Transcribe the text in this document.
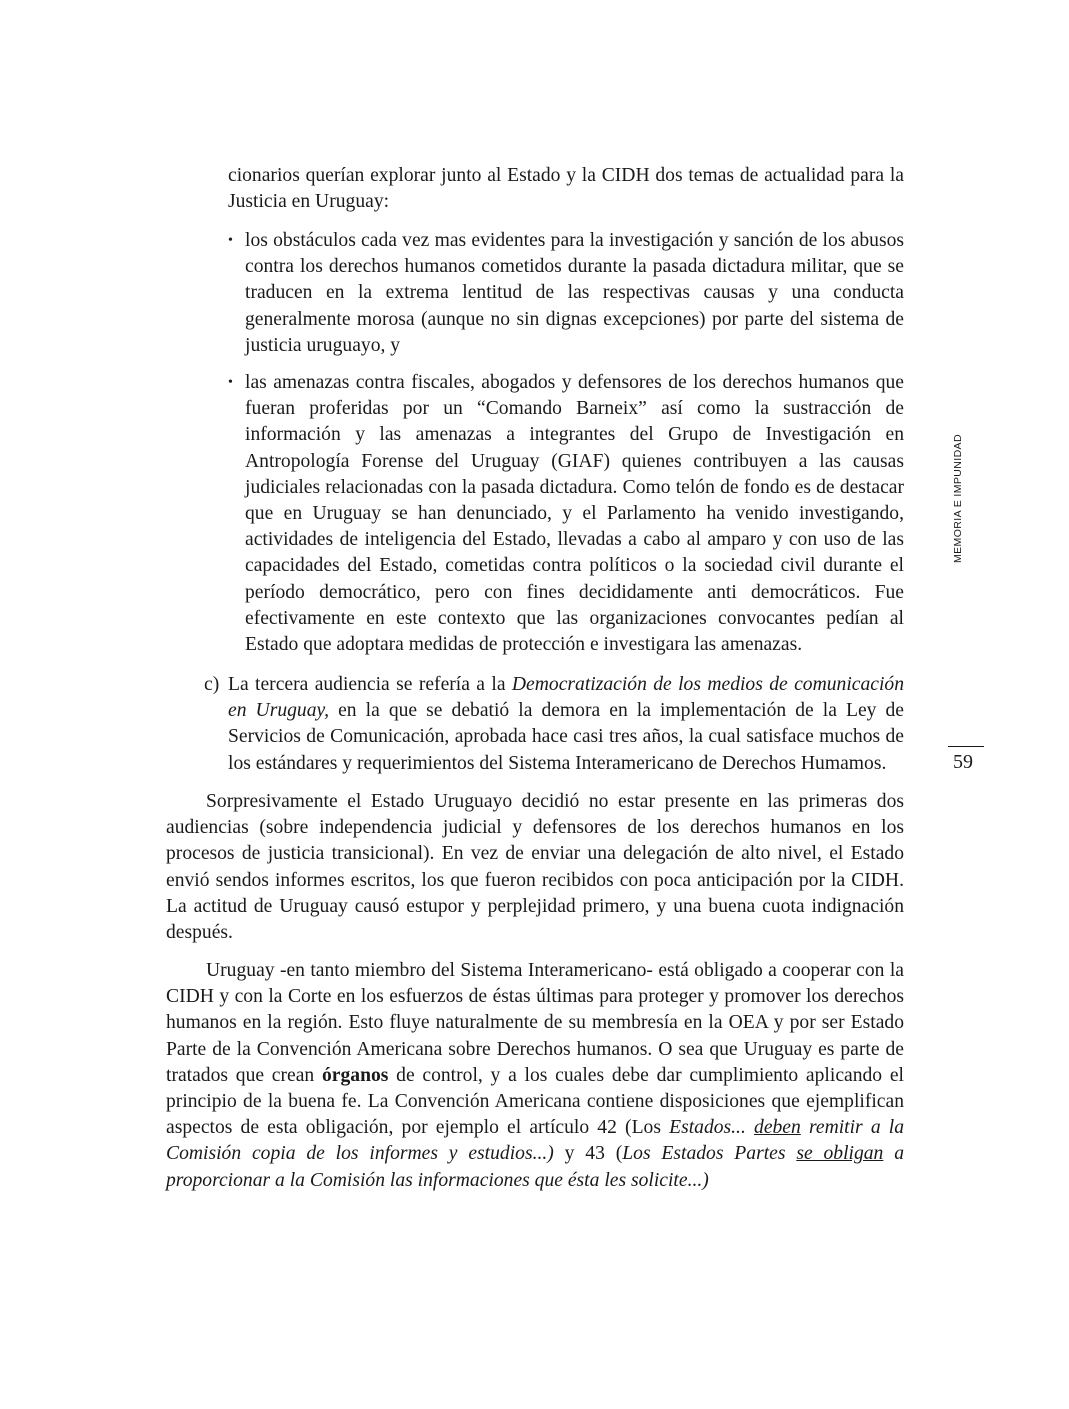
cionarios querían explorar junto al Estado y la CIDH dos temas de actualidad para la Justicia en Uruguay:

• los obstáculos cada vez mas evidentes para la investigación y sanción de los abusos contra los derechos humanos cometidos durante la pasada dictadura militar, que se traducen en la extrema lentitud de las respectivas causas y una conducta generalmente morosa (aunque no sin dignas excepciones) por parte del sistema de justicia uruguayo, y
• las amenazas contra fiscales, abogados y defensores de los derechos humanos que fueran proferidas por un “Comando Barneix” así como la sustracción de información y las amenazas a integrantes del Grupo de Investigación en Antropología Forense del Uruguay (GIAF) quienes contribuyen a las causas judiciales relacionadas con la pasada dictadura. Como telón de fondo es de destacar que en Uruguay se han denunciado, y el Parlamento ha venido investigando, actividades de inteligencia del Estado, llevadas a cabo al amparo y con uso de las capacidades del Estado, cometidas contra políticos o la sociedad civil durante el período democrático, pero con fines decididamente anti democráticos. Fue efectivamente en este contexto que las organizaciones convocantes pedían al Estado que adoptara medidas de protección e investigara las amenazas.
c) La tercera audiencia se refería a la Democratización de los medios de comunicación en Uruguay, en la que se debatió la demora en la implementación de la Ley de Servicios de Comunicación, aprobada hace casi tres años, la cual satisface muchos de los estándares y requerimientos del Sistema Interamericano de Derechos Humamos.

Sorpresivamente el Estado Uruguayo decidió no estar presente en las primeras dos audiencias (sobre independencia judicial y defensores de los derechos humanos en los procesos de justicia transicional). En vez de enviar una delegación de alto nivel, el Estado envió sendos informes escritos, los que fueron recibidos con poca anticipación por la CIDH. La actitud de Uruguay causó estupor y perplejidad primero, y una buena cuota indignación después.

Uruguay -en tanto miembro del Sistema Interamericano- está obligado a cooperar con la CIDH y con la Corte en los esfuerzos de éstas últimas para proteger y promover los derechos humanos en la región. Esto fluye naturalmente de su membresía en la OEA y por ser Estado Parte de la Convención Americana sobre Derechos humanos. O sea que Uruguay es parte de tratados que crean órganos de control, y a los cuales debe dar cumplimiento aplicando el principio de la buena fe. La Convención Americana contiene disposiciones que ejemplifican aspectos de esta obligación, por ejemplo el artículo 42 (Los Estados... deben remitir a la Comisión copia de los informes y estudios...) y 43 (Los Estados Partes se obligan a proporcionar a la Comisión las informaciones que ésta les solicite...)

MEMORIA E IMPUNIDAD
59
